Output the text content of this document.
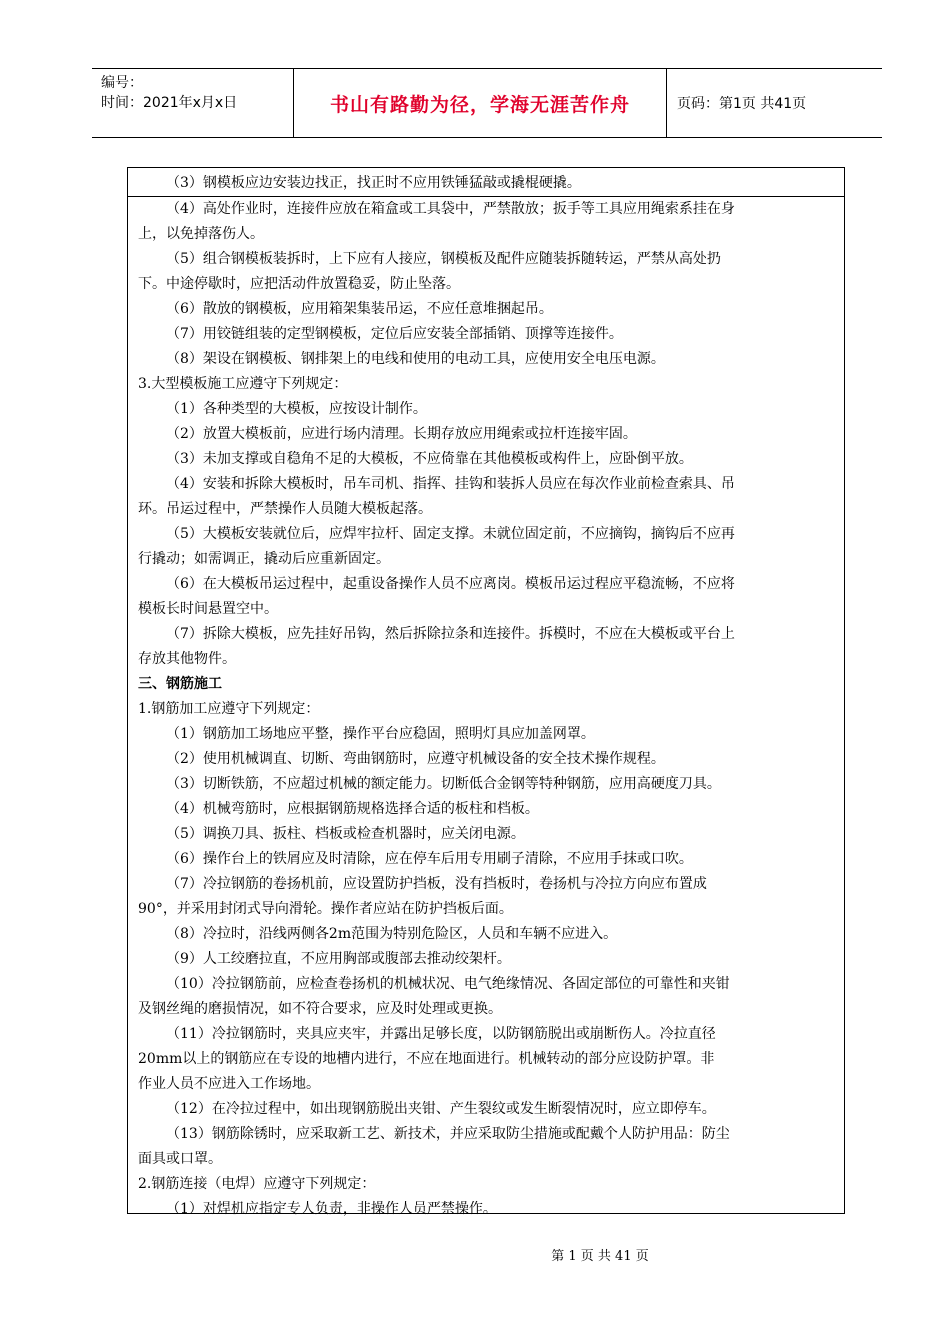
编号：
时间：2021年x月x日	书山有路勤为径，学海无涯苦作舟	页码：第1页 共41页
（3）钢模板应边安装边找正，找正时不应用铁锤猛敲或撬棍硬撬。
（4）高处作业时，连接件应放在箱盒或工具袋中，严禁散放；扳手等工具应用绳索系挂在身
上，以免掉落伤人。
（5）组合钢模板装拆时，上下应有人接应，钢模板及配件应随装拆随转运，严禁从高处扔
下。中途停歇时，应把活动件放置稳妥，防止坠落。
（6）散放的钢模板，应用箱架集装吊运，不应任意堆捆起吊。
（7）用铰链组装的定型钢模板，定位后应安装全部插销、顶撑等连接件。
（8）架设在钢模板、钢排架上的电线和使用的电动工具，应使用安全电压电源。
3.大型模板施工应遵守下列规定：
（1）各种类型的大模板，应按设计制作。
（2）放置大模板前，应进行场内清理。长期存放应用绳索或拉杆连接牢固。
（3）未加支撑或自稳角不足的大模板，不应倚靠在其他模板或构件上，应卧倒平放。
（4）安装和拆除大模板时，吊车司机、指挥、挂钩和装拆人员应在每次作业前检查索具、吊
环。吊运过程中，严禁操作人员随大模板起落。
（5）大模板安装就位后，应焊牢拉杆、固定支撑。未就位固定前，不应摘钩，摘钩后不应再
行撬动；如需调正，撬动后应重新固定。
（6）在大模板吊运过程中，起重设备操作人员不应离岗。模板吊运过程应平稳流畅，不应将
模板长时间悬置空中。
（7）拆除大模板，应先挂好吊钩，然后拆除拉条和连接件。拆模时，不应在大模板或平台上
存放其他物件。
三、钢筋施工
1.钢筋加工应遵守下列规定：
（1）钢筋加工场地应平整，操作平台应稳固，照明灯具应加盖网罩。
（2）使用机械调直、切断、弯曲钢筋时，应遵守机械设备的安全技术操作规程。
（3）切断铁筋，不应超过机械的额定能力。切断低合金钢等特种钢筋，应用高硬度刀具。
（4）机械弯筋时，应根据钢筋规格选择合适的板柱和档板。
（5）调换刀具、扳柱、档板或检查机器时，应关闭电源。
（6）操作台上的铁屑应及时清除，应在停车后用专用刷子清除，不应用手抹或口吹。
（7）冷拉钢筋的卷扬机前，应设置防护挡板，没有挡板时，卷扬机与冷拉方向应布置成
90°，并采用封闭式导向滑轮。操作者应站在防护挡板后面。
（8）冷拉时，沿线两侧各2m范围为特别危险区，人员和车辆不应进入。
（9）人工绞磨拉直，不应用胸部或腹部去推动绞架杆。
（10）冷拉钢筋前，应检查卷扬机的机械状况、电气绝缘情况、各固定部位的可靠性和夹钳
及钢丝绳的磨损情况，如不符合要求，应及时处理或更换。
（11）冷拉钢筋时，夹具应夹牢，并露出足够长度，以防钢筋脱出或崩断伤人。冷拉直径
20mm以上的钢筋应在专设的地槽内进行，不应在地面进行。机械转动的部分应设防护罩。非
作业人员不应进入工作场地。
（12）在冷拉过程中，如出现钢筋脱出夹钳、产生裂纹或发生断裂情况时，应立即停车。
（13）钢筋除锈时，应采取新工艺、新技术，并应采取防尘措施或配戴个人防护用品：防尘
面具或口罩。
2.钢筋连接（电焊）应遵守下列规定：
（1）对焊机应指定专人负责，非操作人员严禁操作。
第 1 页 共 41 页
